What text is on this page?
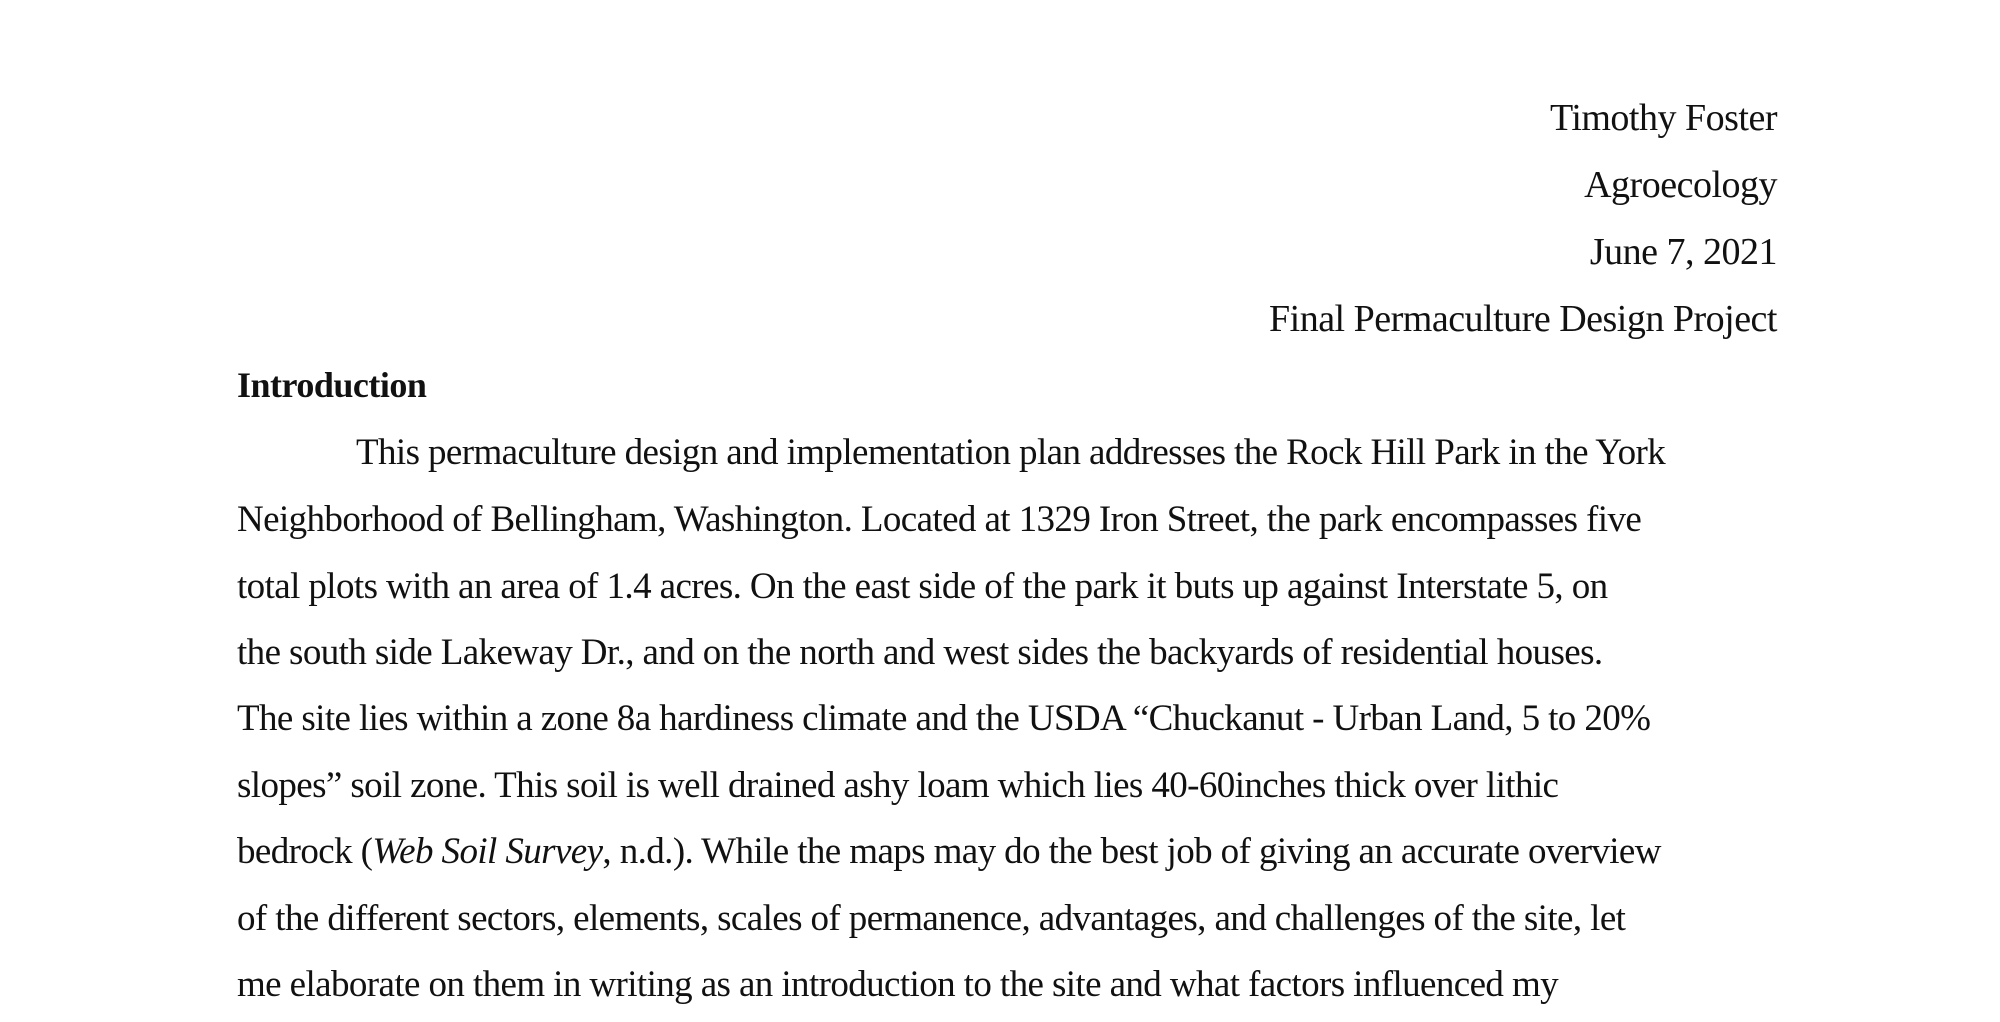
Timothy Foster
Agroecology
June 7, 2021
Final Permaculture Design Project
Introduction
This permaculture design and implementation plan addresses the Rock Hill Park in the York
Neighborhood of Bellingham, Washington. Located at 1329 Iron Street, the park encompasses five
total plots with an area of 1.4 acres. On the east side of the park it buts up against Interstate 5, on
the south side Lakeway Dr., and on the north and west sides the backyards of residential houses.
The site lies within a zone 8a hardiness climate and the USDA “Chuckanut - Urban Land, 5 to 20%
slopes” soil zone. This soil is well drained ashy loam which lies 40-60inches thick over lithic
bedrock (Web Soil Survey, n.d.). While the maps may do the best job of giving an accurate overview
of the different sectors, elements, scales of permanence, advantages, and challenges of the site, let
me elaborate on them in writing as an introduction to the site and what factors influenced my
